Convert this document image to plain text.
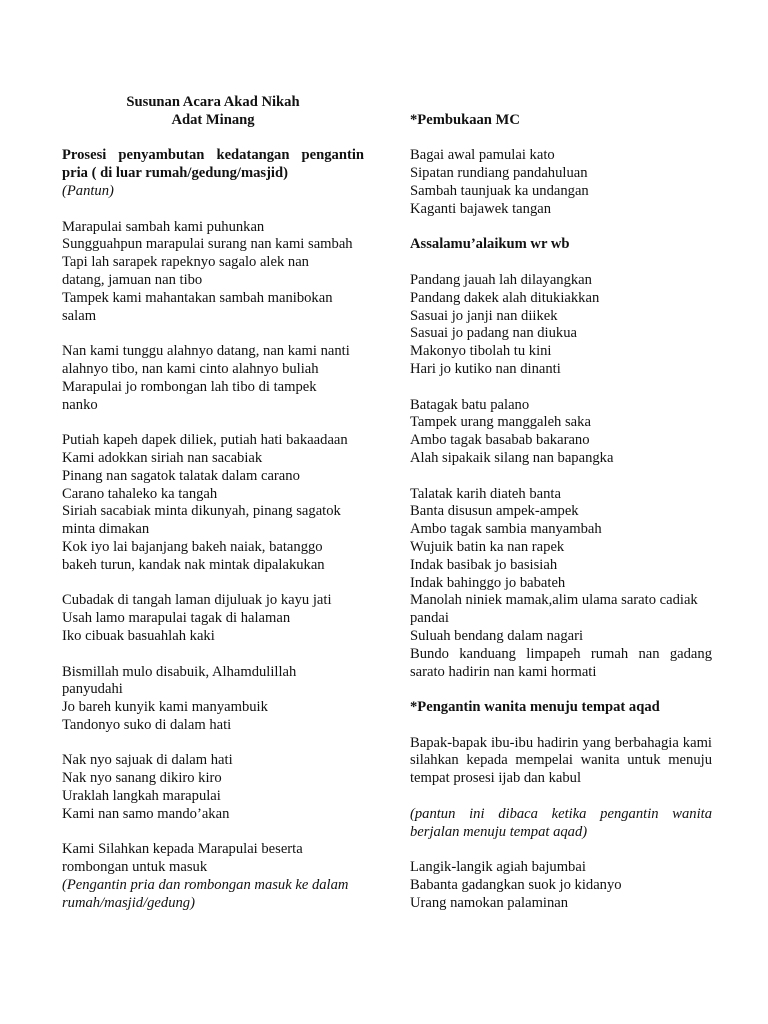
Susunan Acara Akad Nikah
Adat Minang
Prosesi penyambutan kedatangan pengantin pria ( di luar rumah/gedung/masjid)
(Pantun)
Marapulai sambah kami puhunkan
Sungguahpun marapulai surang nan kami sambah
Tapi lah sarapek rapeknyo sagalo alek nan
datang, jamuan nan tibo
Tampek kami mahantakan sambah manibokan
salam
Nan kami tunggu alahnyo datang, nan kami nanti
alahnyo tibo, nan kami cinto alahnyo buliah
Marapulai jo rombongan lah tibo di tampek
nanko
Putiah kapeh dapek diliek, putiah hati bakaadaan
Kami adokkan siriah nan sacabiak
Pinang nan sagatok talatak dalam carano
Carano tahaleko ka tangah
Siriah sacabiak minta dikunyah, pinang sagatok
minta dimakan
Kok iyo lai bajanjang bakeh naiak, batanggo
bakeh turun, kandak nak mintak dipalakukan
Cubadak di tangah laman dijuluak jo kayu jati
Usah lamo marapulai tagak di halaman
Iko cibuak basuahlah kaki
Bismillah mulo disabuik, Alhamdulillah
panyudahi
Jo bareh kunyik kami manyambuik
Tandonyo suko di dalam hati
Nak nyo sajuak di dalam hati
Nak nyo sanang dikiro kiro
Uraklah langkah marapulai
Kami nan samo mando’akan
Kami Silahkan kepada Marapulai beserta
rombongan untuk masuk
(Pengantin pria dan rombongan masuk ke dalam rumah/masjid/gedung)
*Pembukaan MC
Bagai awal pamulai kato
Sipatan rundiang pandahuluan
Sambah taunjuak ka undangan
Kaganti bajawek tangan
Assalamu’alaikum wr wb
Pandang jauah lah dilayangkan
Pandang dakek alah ditukiakkan
Sasuai jo janji nan diikek
Sasuai jo padang nan diukua
Makonyo tibolah tu kini
Hari jo kutiko nan dinanti
Batagak batu palano
Tampek urang manggaleh saka
Ambo tagak basabab bakarano
Alah sipakaik silang nan bapangka
Talatak karih diateh banta
Banta disusun ampek-ampek
Ambo tagak sambia manyambah
Wujuik batin ka nan rapek
Indak basibak jo basisiah
Indak bahinggo jo babateh
Manolah niniek mamak,alim ulama sarato cadiak
pandai
Suluah bendang dalam nagari
Bundo kanduang limpapeh rumah nan gadang sarato hadirin nan kami hormati
*Pengantin wanita menuju tempat aqad
Bapak-bapak ibu-ibu hadirin yang berbahagia kami silahkan kepada mempelai wanita untuk menuju tempat prosesi ijab dan kabul
(pantun ini dibaca ketika pengantin wanita berjalan menuju tempat aqad)
Langik-langik agiah bajumbai
Babanta gadangkan suok jo kidanyo
Urang namokan palaminan
